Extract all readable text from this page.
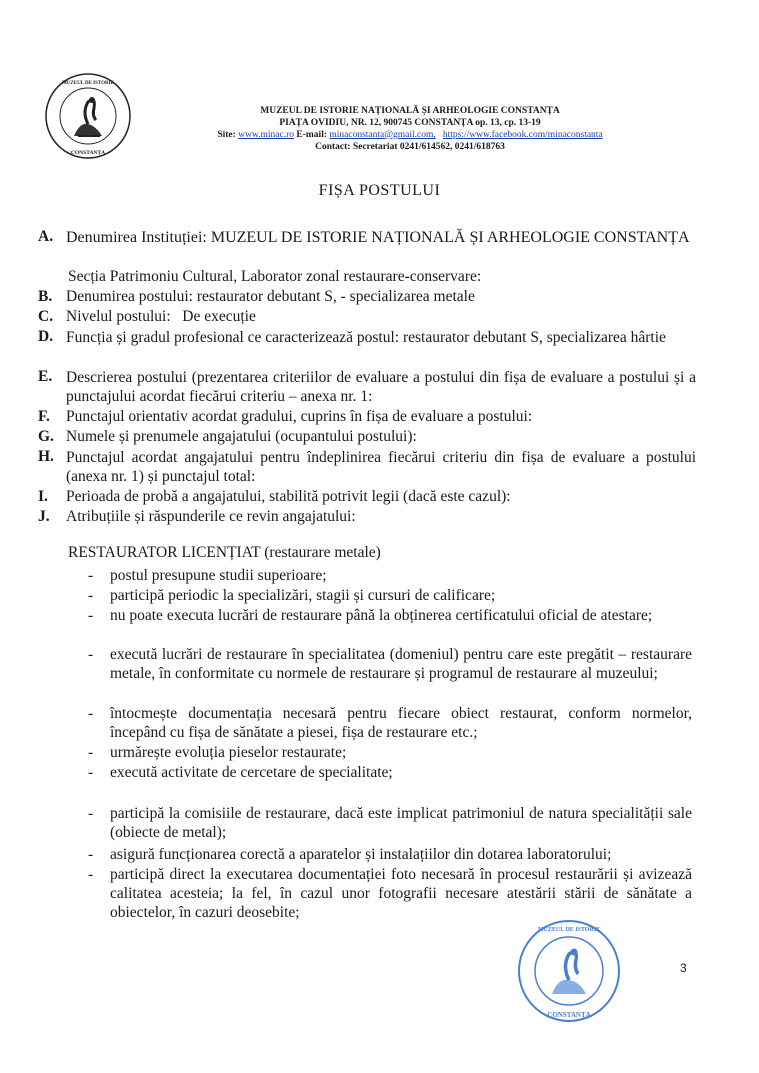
MUZEUL DE ISTORIE
CONSTANȚA
MUZEUL DE ISTORIE NAȚIONALĂ ȘI ARHEOLOGIE CONSTANȚA
PIAȚA OVIDIU, NR. 12, 900745 CONSTANȚA op. 13, cp. 13-19
Site: www.minac.ro E-mail: minaconstanta@gmail.com, https://www.facebook.com/minaconstanta
Contact: Secretariat 0241/614562, 0241/618763
FIȘA POSTULUI
A. Denumirea Instituției: MUZEUL DE ISTORIE NAȚIONALĂ ȘI ARHEOLOGIE CONSTANȚA
Secția Patrimoniu Cultural, Laborator zonal restaurare-conservare:
B. Denumirea postului: restaurator debutant S, - specializarea metale
C. Nivelul postului:   De execuție
D. Funcția și gradul profesional ce caracterizează postul: restaurator debutant S, specializarea hârtie
E. Descrierea postului (prezentarea criteriilor de evaluare a postului din fișa de evaluare a postului și a punctajului acordat fiecărui criteriu – anexa nr. 1:
F. Punctajul orientativ acordat gradului, cuprins în fișa de evaluare a postului:
G. Numele și prenumele angajatului (ocupantului postului):
H. Punctajul acordat angajatului pentru îndeplinirea fiecărui criteriu din fișa de evaluare a postului (anexa nr. 1) și punctajul total:
I. Perioada de probă a angajatului, stabilită potrivit legii (dacă este cazul):
J. Atribuțiile și răspunderile ce revin angajatului:
RESTAURATOR LICENȚIAT (restaurare metale)
- postul presupune studii superioare;
- participă periodic la specializări, stagii și cursuri de calificare;
- nu poate executa lucrări de restaurare până la obținerea certificatului oficial de atestare;
- execută lucrări de restaurare în specialitatea (domeniul) pentru care este pregătit – restaurare metale, în conformitate cu normele de restaurare și programul de restaurare al muzeului;
- întocmește documentația necesară pentru fiecare obiect restaurat, conform normelor, începând cu fișa de sănătate a piesei, fișa de restaurare etc.;
- urmărește evoluția pieselor restaurate;
- execută activitate de cercetare de specialitate;
- participă la comisiile de restaurare, dacă este implicat patrimoniul de natura specialității sale (obiecte de metal);
- asigură funcționarea corectă a aparatelor și instalațiilor din dotarea laboratorului;
- participă direct la executarea documentației foto necesară în procesul restaurării și avizează calitatea acesteia; la fel, în cazul unor fotografii necesare atestării stării de sănătate a obiectelor, în cazuri deosebite;
MUZEUL DE ISTORIE
CONSTANȚA
3
